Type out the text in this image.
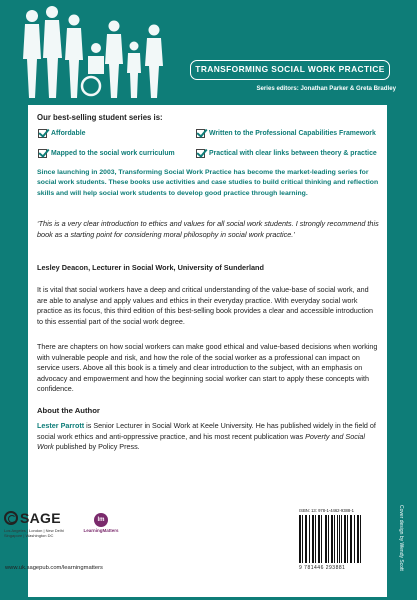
TRANSFORMING SOCIAL WORK PRACTICE
Series editors: Jonathan Parker & Greta Bradley
Our best-selling student series is:
Affordable	Written to the Professional Capabilities Framework
Mapped to the social work curriculum	Practical with clear links between theory & practice
Since launching in 2003, Transforming Social Work Practice has become the market-leading series for social work students. These books use activities and case studies to build critical thinking and reflection skills and will help social work students to develop good practice through learning.
‘This is a very clear introduction to ethics and values for all social work students. I strongly recommend this book as a starting point for considering moral philosophy in social work practice.’
Lesley Deacon, Lecturer in Social Work, University of Sunderland
It is vital that social workers have a deep and critical understanding of the value-base of social work, and are able to analyse and apply values and ethics in their everyday practice. With everyday social work practice as its focus, this third edition of this best-selling book provides a clear and accessible introduction to this essential part of the social work degree.
There are chapters on how social workers can make good ethical and value-based decisions when working with vulnerable people and risk, and how the role of the social worker as a professional can impact on service users. Above all this book is a timely and clear introduction to the subject, with an emphasis on advocacy and empowerment and how the beginning social worker can start to apply these concepts with confidence.
About the Author
Lester Parrott is Senior Lecturer in Social Work at Keele University. He has published widely in the field of social work ethics and anti-oppressive practice, and his most recent publication was Poverty and Social Work published by Policy Press.
SAGE
Los Angeles | London | New Delhi
Singapore | Washington DC
lm
LearningMatters
www.uk.sagepub.com/learningmatters
ISBN: 13: 978-1-4462-9388-1
9 781446 293881	Cover design by Wendy Scott
